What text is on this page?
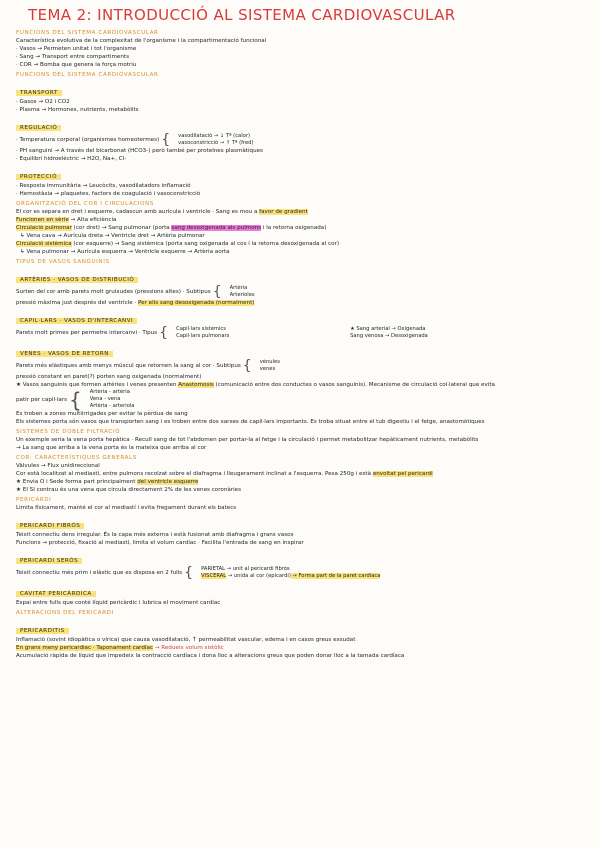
TEMA 2: INTRODUCCIÓ AL SISTEMA CARDIOVASCULAR
FUNCIONS DEL SISTEMA CARDIOVASCULAR
Característica evolutiva de la complexitat de l'organisme i la compartimentació funcional
· Vasos → Permeten unitat i tot l'organisme
· Sang → Transport entre compartiments
· COR → Bomba que genera la força motriu
FUNCIONS DEL SISTEMA CARDIOVASCULAR
TRANSPORT
· Gasos → O2 i CO2
· Plasma → Hormones, nutrients, metabòlits
REGULACIÓ
· Temperatura corporal (organismes homeotermes) { vasodilatació → ↓ Tª (calor)
vasoconstricció → ↑ Tª (fred)
· PH sanguini → A través del bicarbonat (HCO3-) però també per proteïnes plasmàtiques
· Equilibri hidroelèctric → H2O, Na+, Cl-
PROTECCIÓ
· Resposta immunitària → Leucòcits, vasodilatadors inflamació
· Hemostàsia → plaquetes, factors de coagulació i vasoconstricció
ORGANITZACIÓ DEL COR I CIRCULACIONS
El cor es separa en dret i esquerre, cadascun amb aurícula i ventricle · Sang es mou a favor de gradient
Funcionen en sèrie → Alta eficiència
Circulació pulmonar (cor dret) → Sang pulmonar (porta sang desoxigenada als pulmons i la retorna oxigenada)
↳ Vena cava → Aurícula dreta → Ventricle dret → Artèria pulmonar
Circulació sistèmica (cor esquerre) → Sang sistèmica (porta sang oxigenada al cos i la retorna desoxigenada al cor)
↳ Vena pulmonar → Aurícula esquerra → Ventricle esquerre → Artèria aorta
TIPUS DE VASOS SANGUINIS
ARTÈRIES · VASOS DE DISTRIBUCIÓ
Surten del cor amb parets molt gruixudes (pressions altes) · Subtipus { Artèria
Arterioles
pressió màxima just després del ventricle · Per ells sang desoxigenada (normalment)
CAPIL·LARS · VASOS D'INTERCANVI
Parets molt primes per permetre intercanvi · Tipus { Capil·lars sistèmics
Capil·lars pulmonars
★ Sang arterial → Oxigenada
Sang venosa → Desoxigenada
VENES · VASOS DE RETORN
Parets més elàstiques amb menys múscul que retornen la sang al cor · Subtipus { vènules
venes
pressió constant en paret(?) porten sang oxigenada (normalment)
★ Vasos sanguinis que formen artèries i venes presenten Anastomosis (comunicació entre dos conductes o vasos sanguinis). Mecanisme de circulació col·lateral que evita
patir per capil·lars { Artèria - artèria
Vena - vena
Artèria - arteriola
Es troben a zones multiirrigades per evitar la pèrdua de sang
Els sistemes porta són vasos que transporten sang i es troben entre dos xarxes de capil·lars importants. Es troba situat entre el tub digestiu i el fetge, anastomòtiques
SISTEMES DE DOBLE FILTRACIÓ
Un exemple seria la vena porta hepàtica · Recull sang de tot l'abdomen per portar-la al fetge i la circulació i permet metabolitzar hepàticament nutrients, metabòlits
→ La sang que arriba a la vena porta és la mateixa que arriba al cor
COR: CARACTERÍSTIQUES GENERALS
Vàlvules → Flux unidireccional
Cor està localitzat al mediastí, entre pulmons recolzat sobre el diafragma i lleugerament inclinat a l'esquerra. Pesa 250g i està envoltat pel pericardi
★ Envia O i Sede forma part principalment del ventricle esquerre
★ El SI contrau és una vena que circula directament 2% de les venes coronàries
PERICARDI
Limita físicament, manté el cor al mediastí i evita fregament durant els batecs
PERICARDI FIBRÓS
Teixit connectiu dens irregular. És la capa més externa i està fusionat amb diafragma i grans vasos
Funcions → protecció, fixació al mediastí, limita el volum cardíac · Facilita l'entrada de sang en inspirar
PERICARDI SERÓS
Teixit connectiu més prim i elàstic que es disposa en 2 fulls { PARIETAL → unit al pericardi fibrós
VISCERAL → unida al cor (epicardi) → Forma part de la paret cardíaca
CAVITAT PERICÀRDICA
Espai entre fulls que conté líquid pericàrdic i lubrica el moviment cardíac
ALTERACIONS DEL PERICARDI
PERICARDITIS
Inflamació (sovint idiopàtica o vírica) que causa vasodilatació, ↑ permeabilitat vascular, edema i en casos greus exsudat
En grans meny pericardiac · Taponament cardíac → Redueix volum sistòlic
Acumulació ràpida de líquid que impedeix la contracció cardíaca i dona lloc a alteracions greus que poden donar lloc a la tamada cardíaca
